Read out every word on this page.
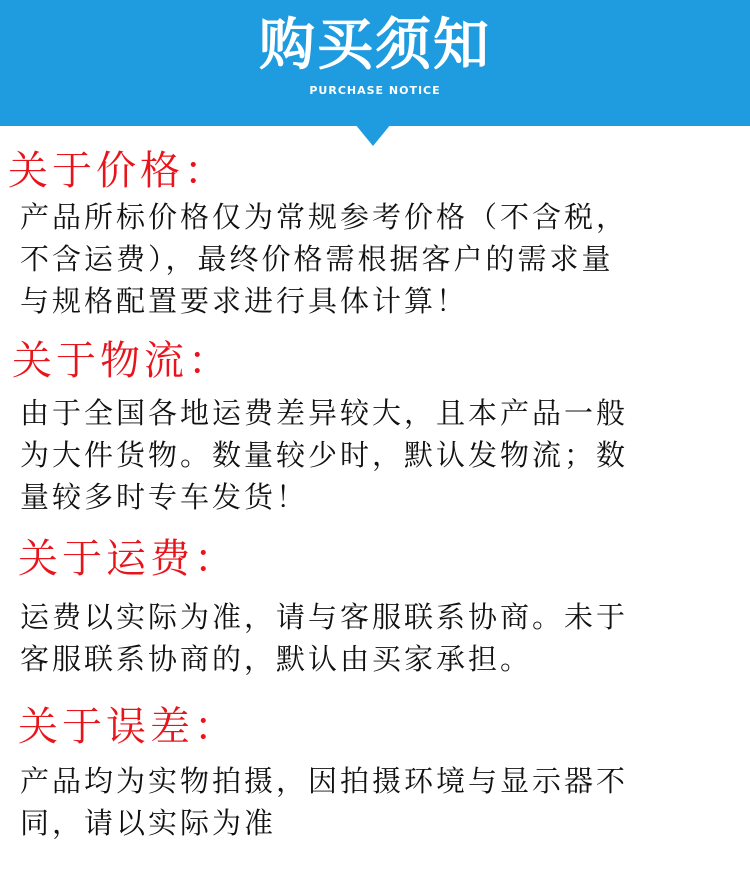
购买须知
PURCHASE NOTICE
关于价格：
产品所标价格仅为常规参考价格（不含税，
不含运费），最终价格需根据客户的需求量
与规格配置要求进行具体计算！
关于物流：
由于全国各地运费差异较大，且本产品一般
为大件货物。数量较少时，默认发物流；数
量较多时专车发货！
关于运费：
运费以实际为准，请与客服联系协商。未于
客服联系协商的，默认由买家承担。
关于误差：
产品均为实物拍摄，因拍摄环境与显示器不
同，请以实际为准
